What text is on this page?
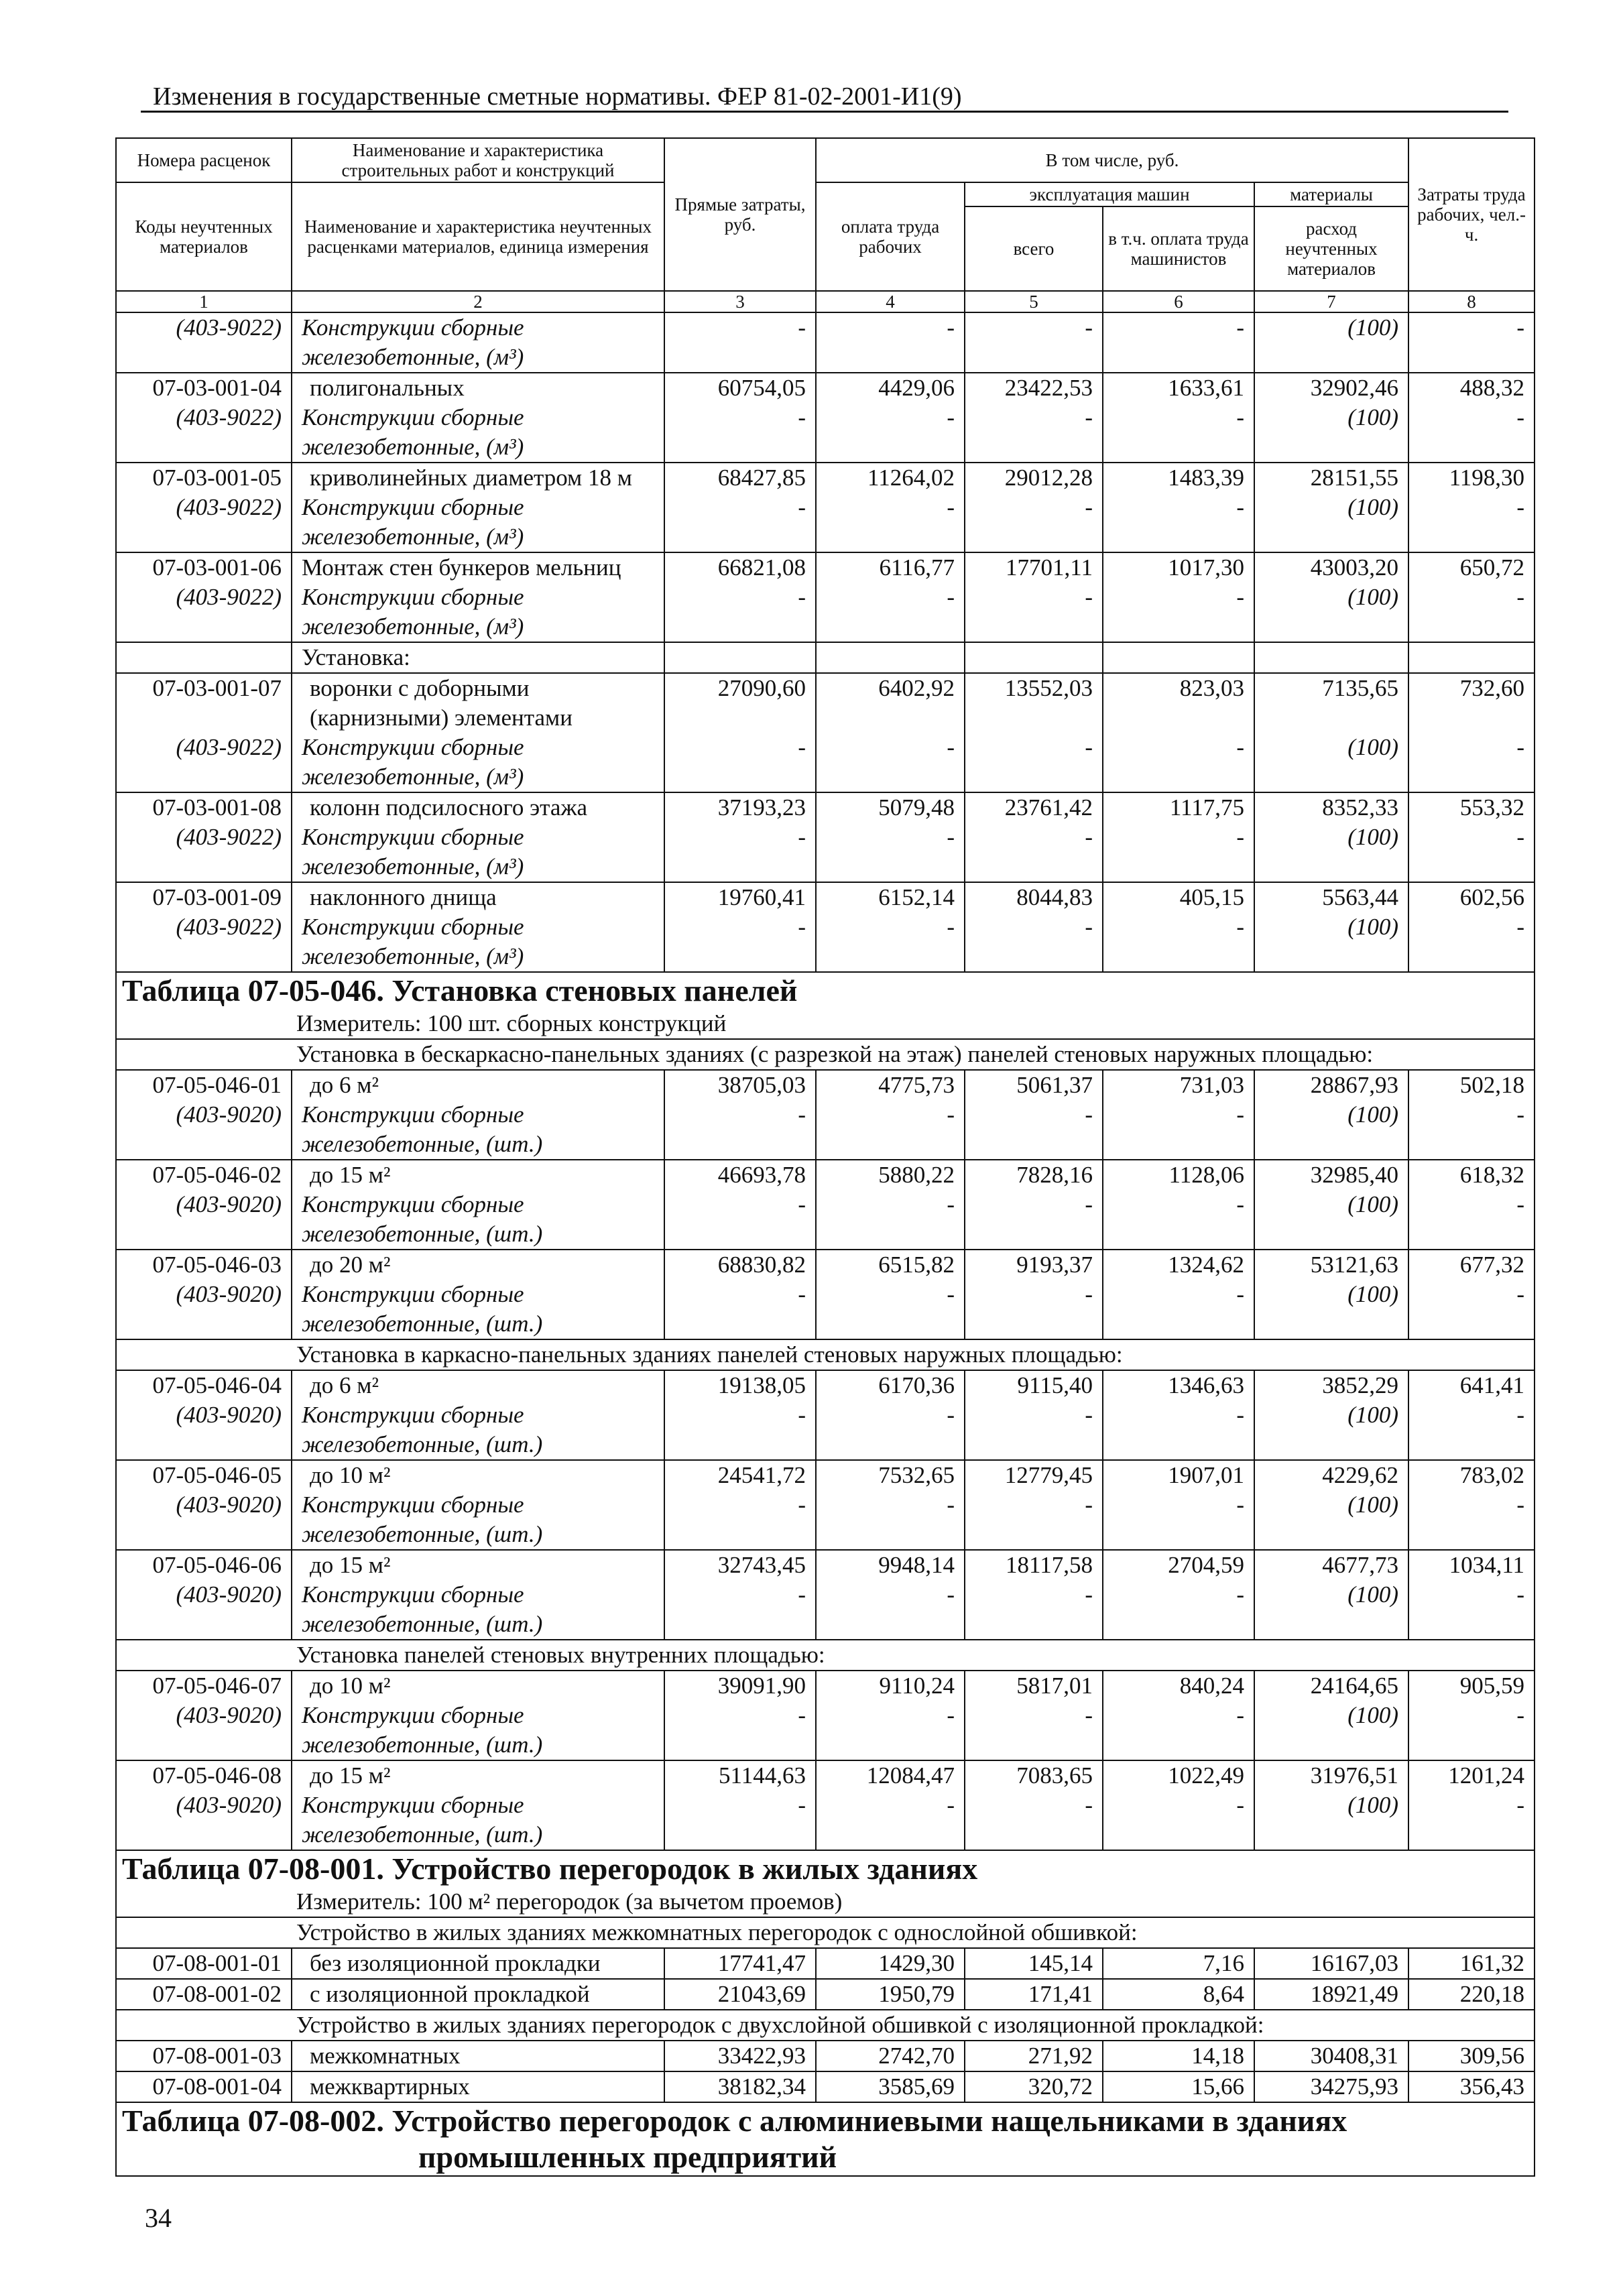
Изменения в государственные сметные нормативы. ФЕР 81-02-2001-И1(9)
Номера расценок	Наименование и характеристика строительных работ и конструкций	Прямые затраты, руб.	В том числе, руб.				Затраты труда рабочих, чел.-ч.
Коды неучтенных материалов	Наименование и характеристика неучтенных расценками материалов, единица измерения		оплата труда рабочих	эксплуатация машин		материалы	
				всего	в т.ч. оплата труда машинистов	расход неучтенных материалов	
1	2	3	4	5	6	7	8
(403-9022)	Конструкции сборные железобетонные, (м³)	-	-	-	-	(100)	-
07-03-001-04	полигональных	60754,05	4429,06	23422,53	1633,61	32902,46	488,32
(403-9022)	Конструкции сборные железобетонные, (м³)	-	-	-	-	(100)	-
07-03-001-05	криволинейных диаметром 18 м	68427,85	11264,02	29012,28	1483,39	28151,55	1198,30
(403-9022)	Конструкции сборные железобетонные, (м³)	-	-	-	-	(100)	-
07-03-001-06	Монтаж стен бункеров мельниц	66821,08	6116,77	17701,11	1017,30	43003,20	650,72
(403-9022)	Конструкции сборные железобетонные, (м³)	-	-	-	-	(100)	-
	Установка:						
07-03-001-07	воронки с доборными (карнизными) элементами	27090,60	6402,92	13552,03	823,03	7135,65	732,60
(403-9022)	Конструкции сборные железобетонные, (м³)	-	-	-	-	(100)	-
07-03-001-08	колонн подсилосного этажа	37193,23	5079,48	23761,42	1117,75	8352,33	553,32
(403-9022)	Конструкции сборные железобетонные, (м³)	-	-	-	-	(100)	-
07-03-001-09	наклонного днища	19760,41	6152,14	8044,83	405,15	5563,44	602,56
(403-9022)	Конструкции сборные железобетонные, (м³)	-	-	-	-	(100)	-
Таблица 07-05-046. Установка стеновых панелей							
Измеритель: 100 шт. сборных конструкций							
Установка в бескаркасно-панельных зданиях (с разрезкой на этаж) панелей стеновых наружных площадью:							
07-05-046-01	до 6 м²	38705,03	4775,73	5061,37	731,03	28867,93	502,18
(403-9020)	Конструкции сборные железобетонные, (шт.)	-	-	-	-	(100)	-
07-05-046-02	до 15 м²	46693,78	5880,22	7828,16	1128,06	32985,40	618,32
(403-9020)	Конструкции сборные железобетонные, (шт.)	-	-	-	-	(100)	-
07-05-046-03	до 20 м²	68830,82	6515,82	9193,37	1324,62	53121,63	677,32
(403-9020)	Конструкции сборные железобетонные, (шт.)	-	-	-	-	(100)	-
Установка в каркасно-панельных зданиях панелей стеновых наружных площадью:							
07-05-046-04	до 6 м²	19138,05	6170,36	9115,40	1346,63	3852,29	641,41
(403-9020)	Конструкции сборные железобетонные, (шт.)	-	-	-	-	(100)	-
07-05-046-05	до 10 м²	24541,72	7532,65	12779,45	1907,01	4229,62	783,02
(403-9020)	Конструкции сборные железобетонные, (шт.)	-	-	-	-	(100)	-
07-05-046-06	до 15 м²	32743,45	9948,14	18117,58	2704,59	4677,73	1034,11
(403-9020)	Конструкции сборные железобетонные, (шт.)	-	-	-	-	(100)	-
Установка панелей стеновых внутренних площадью:							
07-05-046-07	до 10 м²	39091,90	9110,24	5817,01	840,24	24164,65	905,59
(403-9020)	Конструкции сборные железобетонные, (шт.)	-	-	-	-	(100)	-
07-05-046-08	до 15 м²	51144,63	12084,47	7083,65	1022,49	31976,51	1201,24
(403-9020)	Конструкции сборные железобетонные, (шт.)	-	-	-	-	(100)	-
Таблица 07-08-001. Устройство перегородок в жилых зданиях							
Измеритель: 100 м² перегородок (за вычетом проемов)							
Устройство в жилых зданиях межкомнатных перегородок с однослойной обшивкой:							
07-08-001-01	без изоляционной прокладки	17741,47	1429,30	145,14	7,16	16167,03	161,32
07-08-001-02	с изоляционной прокладкой	21043,69	1950,79	171,41	8,64	18921,49	220,18
Устройство в жилых зданиях перегородок с двухслойной обшивкой с изоляционной прокладкой:							
07-08-001-03	межкомнатных	33422,93	2742,70	271,92	14,18	30408,31	309,56
07-08-001-04	межквартирных	38182,34	3585,69	320,72	15,66	34275,93	356,43
Таблица 07-08-002. Устройство перегородок с алюминиевыми нащельниками в зданиях							
промышленных предприятий							
34
